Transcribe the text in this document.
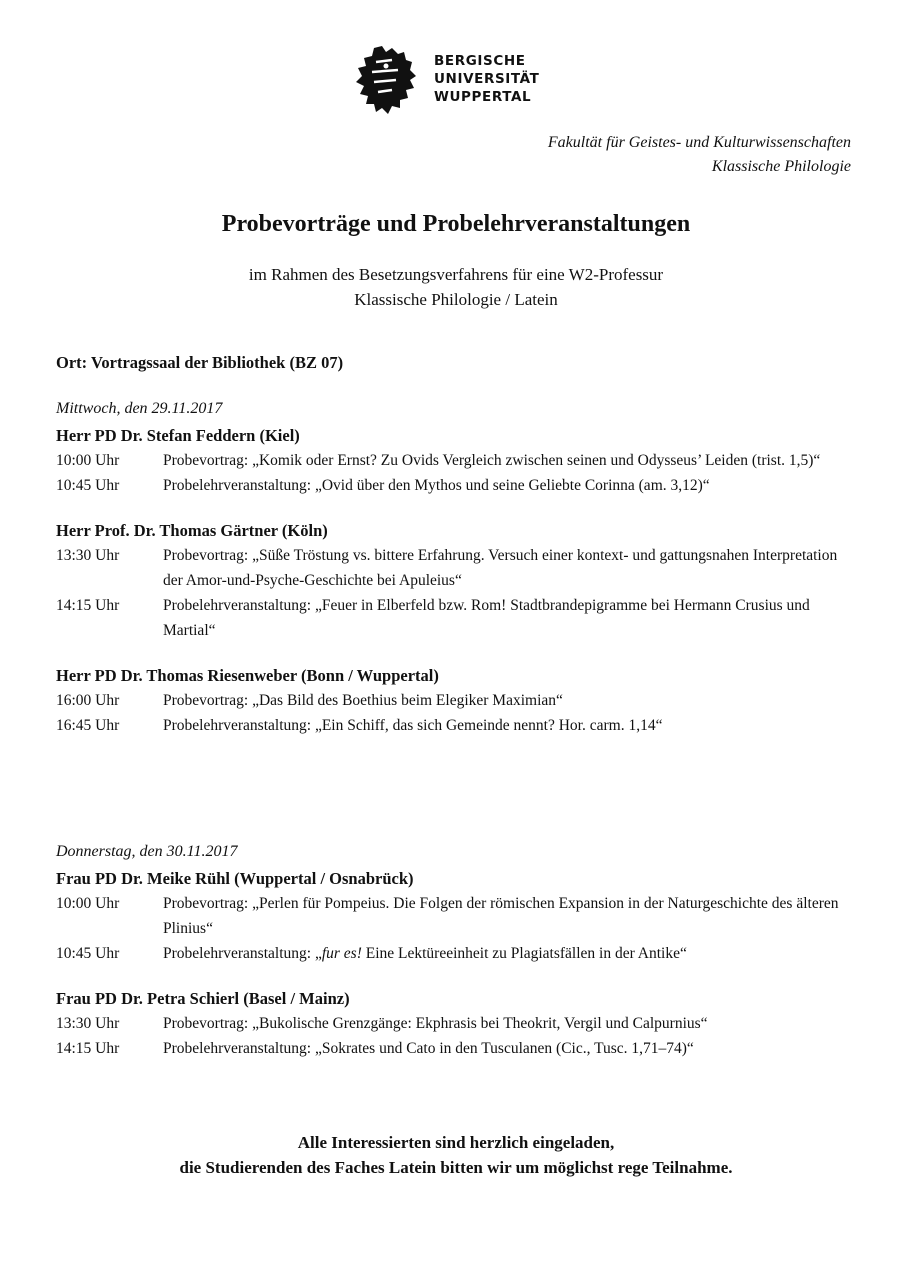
BERGISCHE
UNIVERSITÄT
WUPPERTAL
Fakultät für Geistes- und Kulturwissenschaften
Klassische Philologie
Probevorträge und Probelehrveranstaltungen
im Rahmen des Besetzungsverfahrens für eine W2-Professur
Klassische Philologie / Latein
Ort: Vortragssaal der Bibliothek (BZ 07)
Mittwoch, den 29.11.2017
Herr PD Dr. Stefan Feddern (Kiel)
10:00 Uhr	Probevortrag: „Komik oder Ernst? Zu Ovids Vergleich zwischen seinen und Odysseus’ Leiden (trist. 1,5)“
10:45 Uhr	Probelehrveranstaltung: „Ovid über den Mythos und seine Geliebte Corinna (am. 3,12)“
Herr Prof. Dr. Thomas Gärtner (Köln)
13:30 Uhr	Probevortrag: „Süße Tröstung vs. bittere Erfahrung. Versuch einer kontext- und gattungsnahen Interpretation der Amor-und-Psyche-Geschichte bei Apuleius“
14:15 Uhr	Probelehrveranstaltung: „Feuer in Elberfeld bzw. Rom! Stadtbrandepigramme bei Hermann Crusius und Martial“
Herr PD Dr. Thomas Riesenweber (Bonn / Wuppertal)
16:00 Uhr	Probevortrag: „Das Bild des Boethius beim Elegiker Maximian“
16:45 Uhr	Probelehrveranstaltung: „Ein Schiff, das sich Gemeinde nennt? Hor. carm. 1,14“
Donnerstag, den 30.11.2017
Frau PD Dr. Meike Rühl (Wuppertal / Osnabrück)
10:00 Uhr	Probevortrag: „Perlen für Pompeius. Die Folgen der römischen Expansion in der Naturgeschichte des älteren Plinius“
10:45 Uhr	Probelehrveranstaltung: „fur es! Eine Lektüreeinheit zu Plagiatsfällen in der Antike“
Frau PD Dr. Petra Schierl (Basel / Mainz)
13:30 Uhr	Probevortrag: „Bukolische Grenzgänge: Ekphrasis bei Theokrit, Vergil und Calpurnius“
14:15 Uhr	Probelehrveranstaltung: „Sokrates und Cato in den Tusculanen (Cic., Tusc. 1,71–74)“
Alle Interessierten sind herzlich eingeladen,
die Studierenden des Faches Latein bitten wir um möglichst rege Teilnahme.
